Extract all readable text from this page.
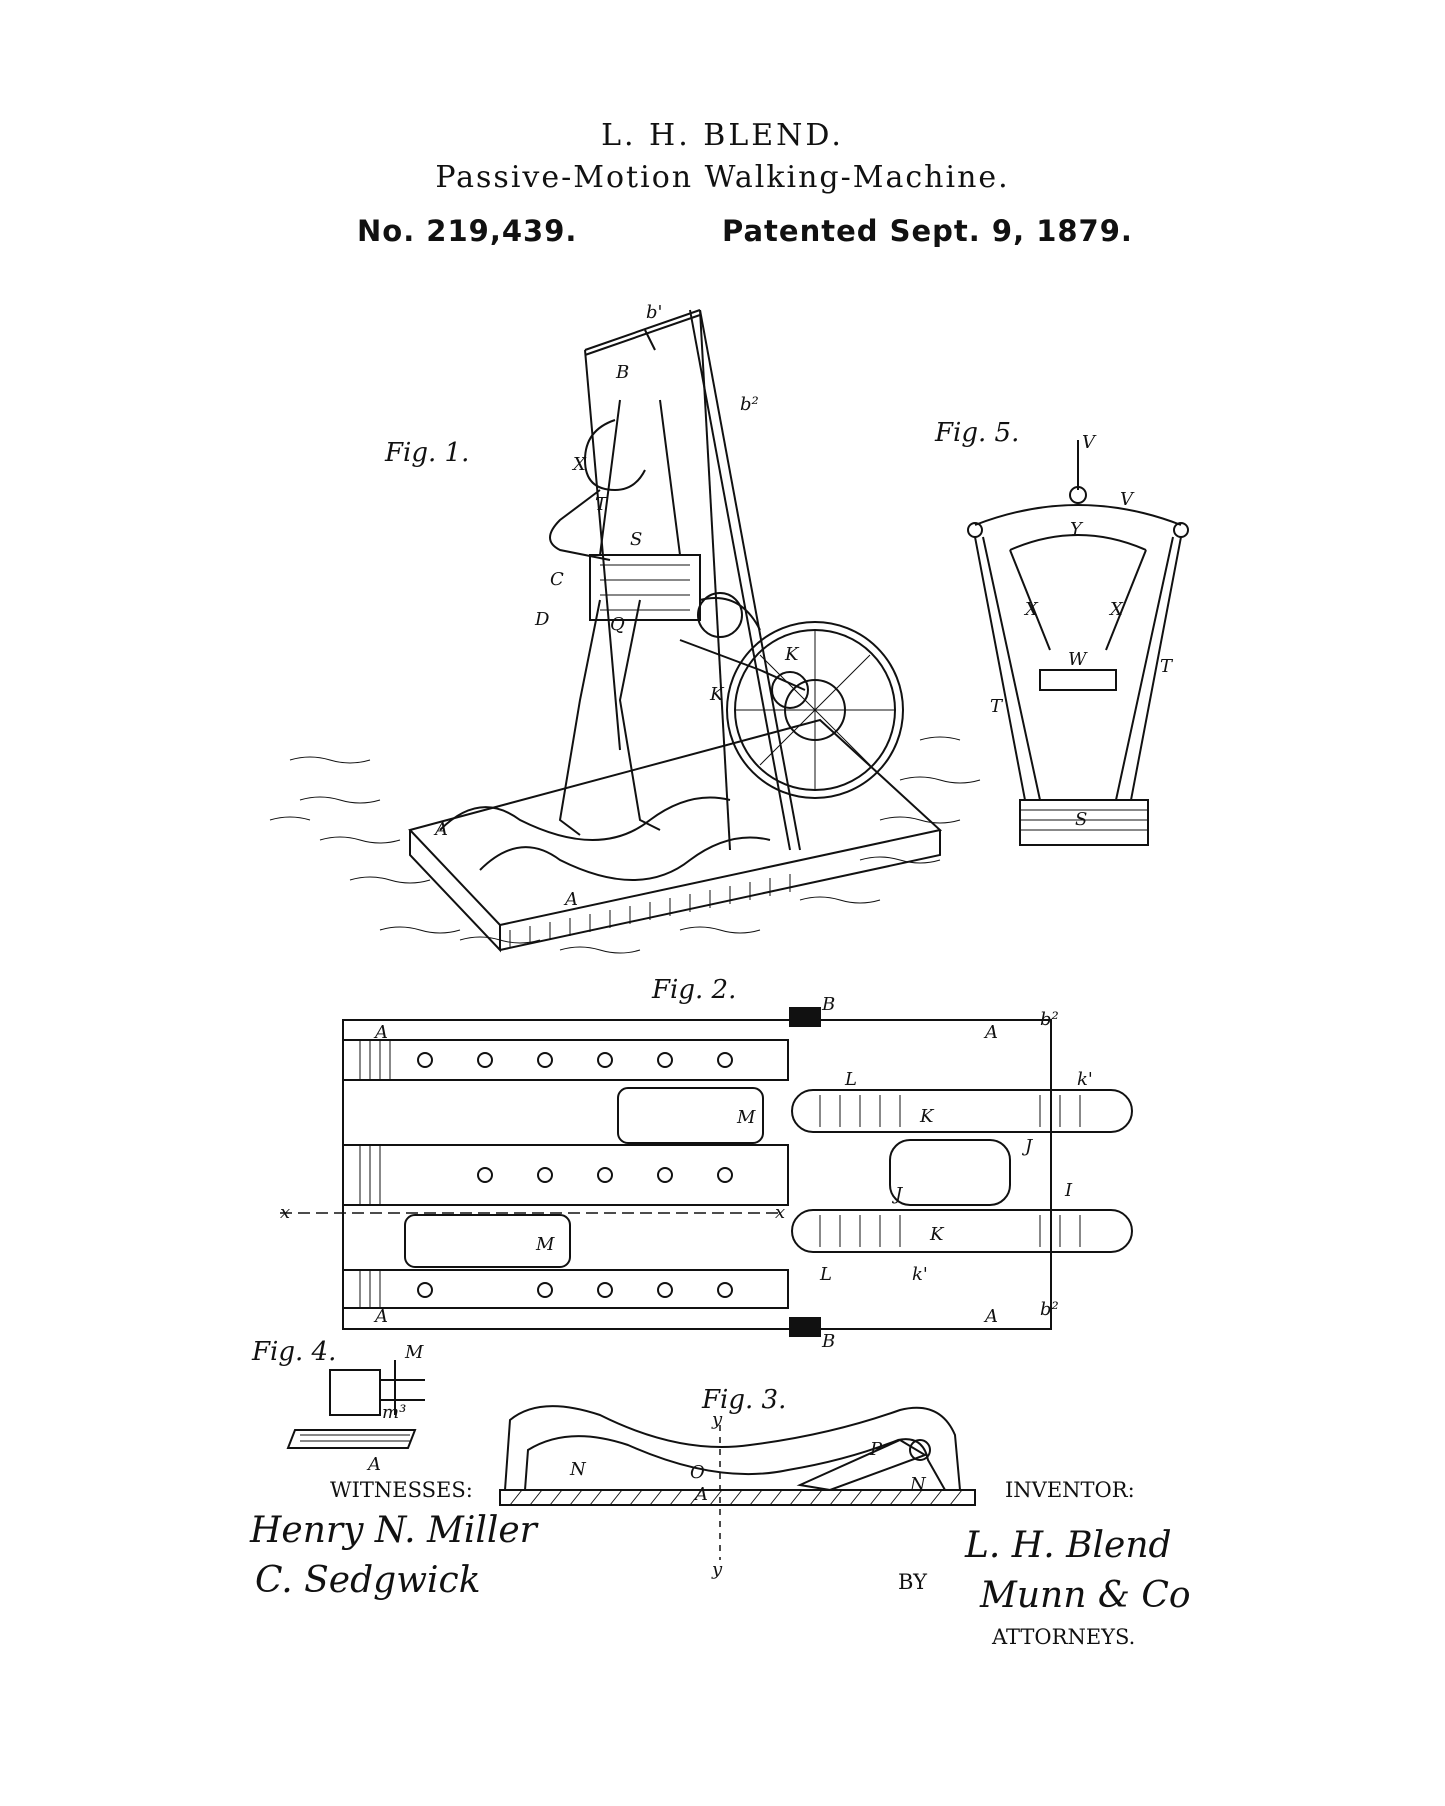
L. H. BLEND.
Passive-Motion Walking-Machine.
No. 219,439.	Patented Sept. 9, 1879.
b'
B
b²
X
T
S
C
D	Q
K
K
A
A
V
V
Y
X	X
W
T
T
S
A	A
A	A
B
B
b²
b²
L
L
k'
k'
K
K
I
J
J
M
M
x	x
M
m³
A
y
y
N
N
O
P
A
Fig. 1.
Fig. 5.
Fig. 2.
Fig. 4.
Fig. 3.
WITNESSES:
Henry N. Miller
C. Sedgwick
INVENTOR:
L. H. Blend
BY Munn & Co
ATTORNEYS.
